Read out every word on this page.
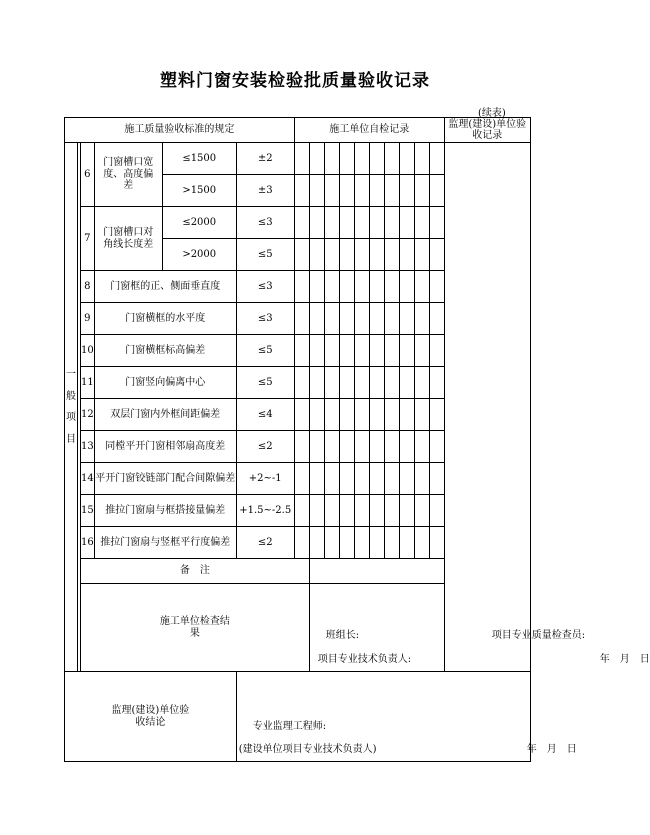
塑料门窗安装检验批质量验收记录
(续表)
施工质量验收标准的规定						施工单位自检记录										监理(建设)单位验收记录

一
般
项
目		6	门窗槽口宽度、高度偏差	≤1500	±2											
				>1500	±3											
		7	门窗槽口对角线长度差	≤2000	≤3											
				>2000	≤5											
		8	门窗框的正、侧面垂直度		≤3											
		9	门窗横框的水平度		≤3											
		10	门窗横框标高偏差		≤5											
		11	门窗竖向偏离中心		≤5											
		12	双层门窗内外框间距偏差		≤4											
		13	同樘平开门窗相邻扇高度差		≤2											
		14	平开门窗铰链部门配合间隙偏差		+2~-1											
		15	推拉门窗扇与框搭接量偏差		+1.5~-2.5											
		16	推拉门窗扇与竖框平行度偏差		≤2											
		备　注														

		施工单位检查结果					班组长: 项目专业质量检查员:
项目专业技术负责人: 年　月　日									

监理(建设)单位验收结论					专业监理工程师:
(建设单位项目专业技术负责人) 年　月　日											
